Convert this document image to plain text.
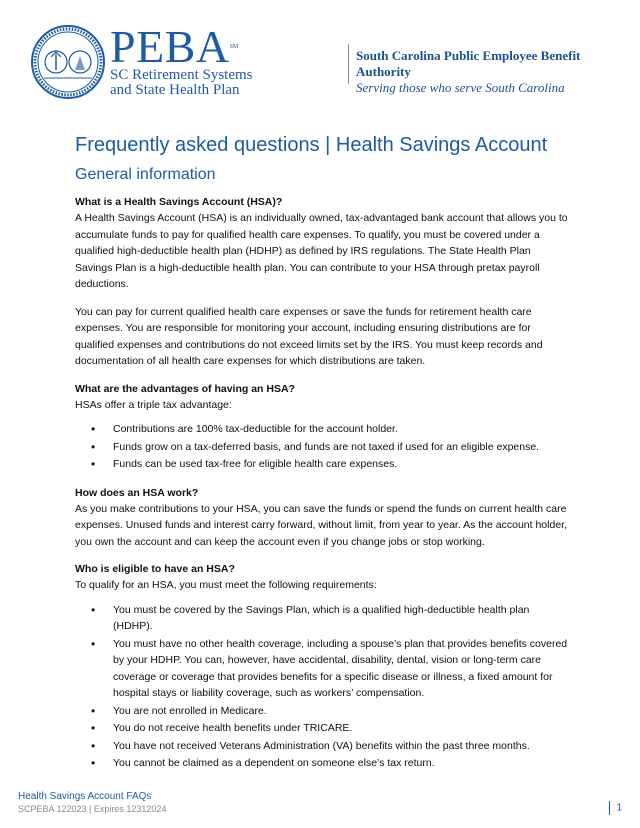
PEBASM
SC Retirement Systems
and State Health Plan
South Carolina Public Employee Benefit Authority
Serving those who serve South Carolina
Frequently asked questions | Health Savings Account
General information
What is a Health Savings Account (HSA)?

A Health Savings Account (HSA) is an individually owned, tax-advantaged bank account that allows you to accumulate funds to pay for qualified health care expenses. To qualify, you must be covered under a qualified high-deductible health plan (HDHP) as defined by IRS regulations. The State Health Plan Savings Plan is a high-deductible health plan. You can contribute to your HSA through pretax payroll deductions.

You can pay for current qualified health care expenses or save the funds for retirement health care expenses. You are responsible for monitoring your account, including ensuring distributions are for qualified expenses and contributions do not exceed limits set by the IRS. You must keep records and documentation of all health care expenses for which distributions are taken.

What are the advantages of having an HSA?

HSAs offer a triple tax advantage:

• Contributions are 100% tax-deductible for the account holder.
• Funds grow on a tax-deferred basis, and funds are not taxed if used for an eligible expense.
• Funds can be used tax-free for eligible health care expenses.
How does an HSA work?

As you make contributions to your HSA, you can save the funds or spend the funds on current health care expenses. Unused funds and interest carry forward, without limit, from year to year. As the account holder, you own the account and can keep the account even if you change jobs or stop working.

Who is eligible to have an HSA?

To qualify for an HSA, you must meet the following requirements:

• You must be covered by the Savings Plan, which is a qualified high-deductible health plan (HDHP).
• You must have no other health coverage, including a spouse’s plan that provides benefits covered by your HDHP. You can, however, have accidental, disability, dental, vision or long-term care coverage or coverage that provides benefits for a specific disease or illness, a fixed amount for hospital stays or liability coverage, such as workers’ compensation.
• You are not enrolled in Medicare.
• You do not receive health benefits under TRICARE.
• You have not received Veterans Administration (VA) benefits within the past three months.
• You cannot be claimed as a dependent on someone else’s tax return.
Health Savings Account FAQs
SCPEBA 122023 | Expires 12312024	1
